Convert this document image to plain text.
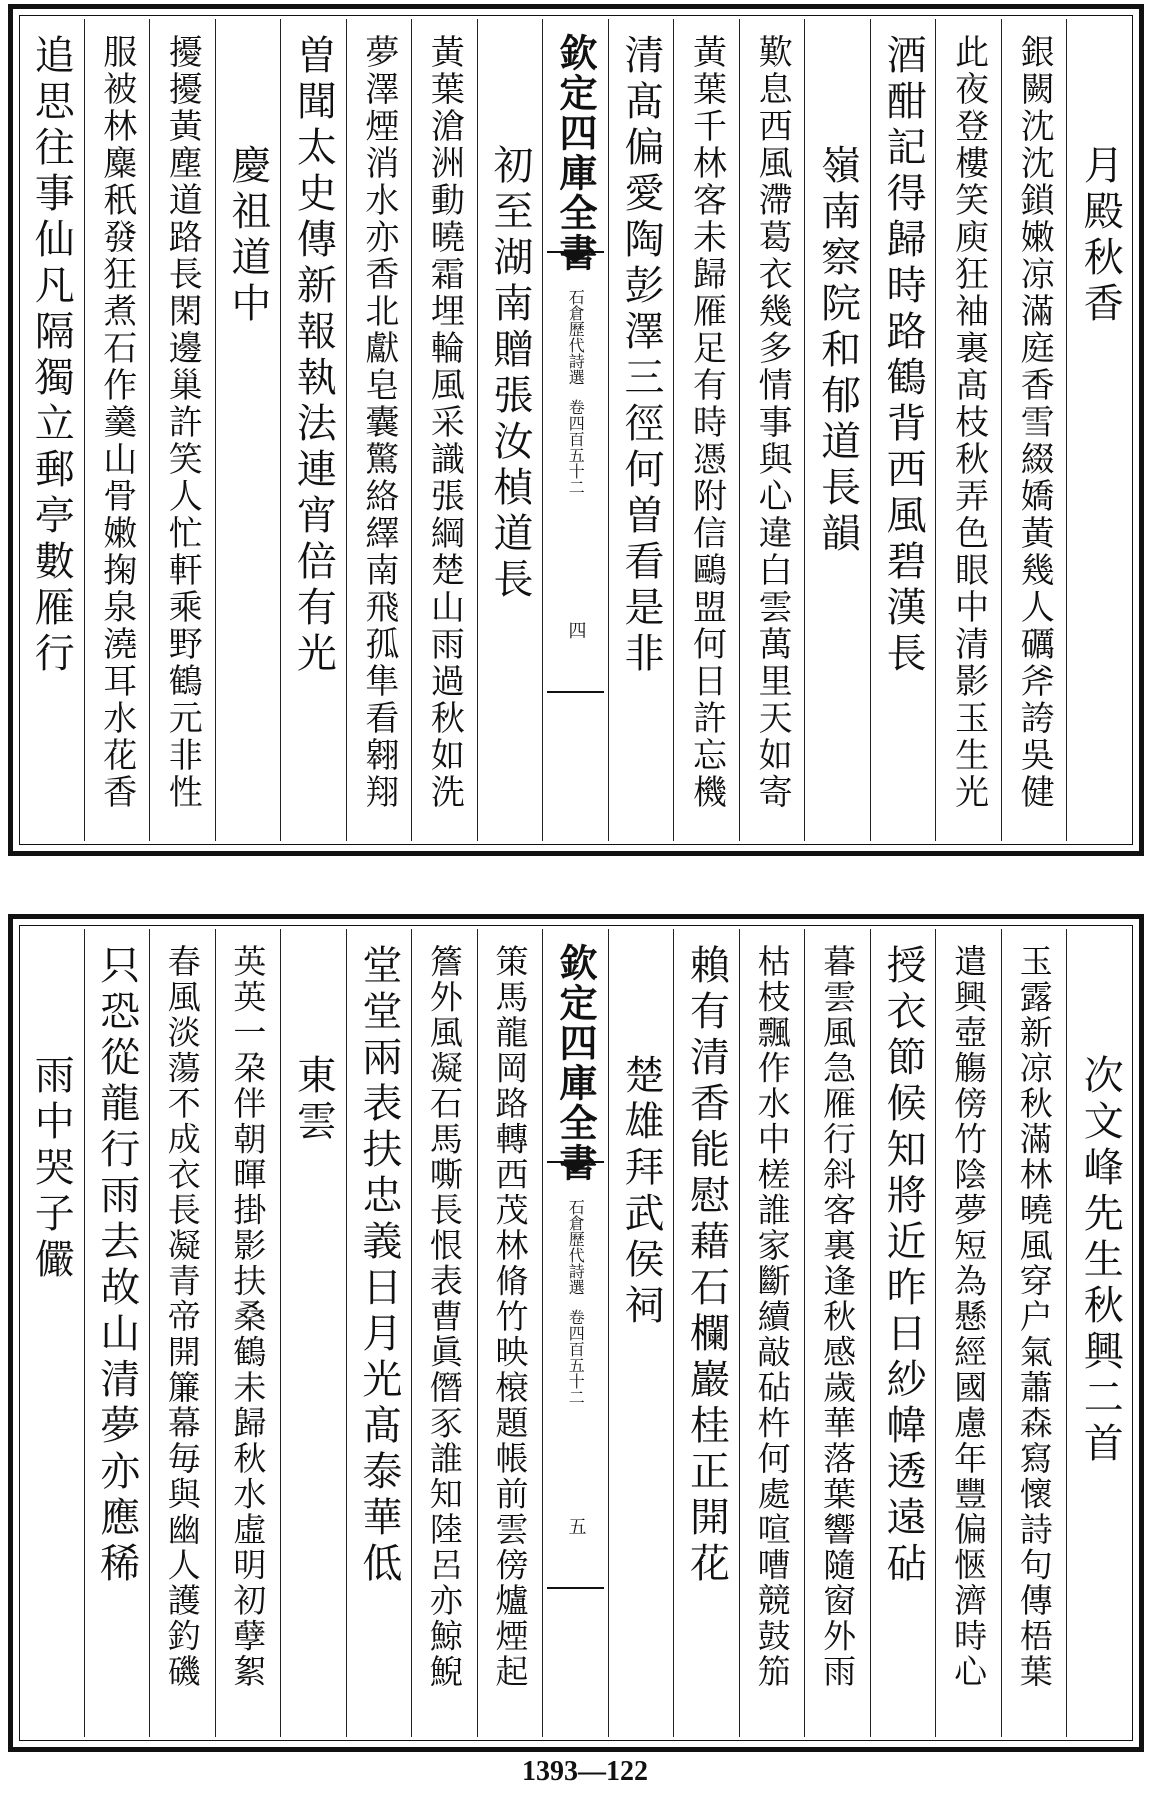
月殿秋香
銀闕沈沈鎖嫩凉滿庭香雪綴嬌黃幾人礪斧誇吳健
此夜登樓笑庾狂袖裏髙枝秋弄色眼中清影玉生光
酒酣記得歸時路鶴背西風碧漢長
嶺南察院和郁道長韻
歎息西風滯葛衣幾多情事與心違白雲萬里天如寄
黃葉千林客未歸雁足有時憑附信鷗盟何日許忘機
清髙偏愛陶彭澤三徑何曽看是非
欽定四庫全書
石倉歷代詩選
卷四百五十二
四
初至湖南贈張汝楨道長
黃葉滄洲動曉霜埋輪風采識張綱楚山雨過秋如洗
夢澤煙消水亦香北獻皂囊驚絡繹南飛孤隼看翱翔
曽聞太史傳新報執法連宵倍有光
慶祖道中
擾擾黃塵道路長閑邊巢許笑人忙軒乘野鶴元非性
服被林麋秖發狂煮石作羹山骨嫩掬泉澆耳水花香
追思往事仙凡隔獨立郵亭數雁行
次文峰先生秋興二首
玉露新凉秋滿林曉風穿户氣蕭森寫懷詩句傳梧葉
遣興壺觴傍竹陰夢短為懸經國慮年豐偏愜濟時心
授衣節候知將近昨日紗幃透遠砧
暮雲風急雁行斜客裏逢秋感歲華落葉響隨窗外雨
枯枝飄作水中槎誰家斷續敲砧杵何處喧嘈競鼓笳
賴有清香能慰藉石欄巖桂正開花
楚雄拜武侯祠
欽定四庫全書
石倉歷代詩選
卷四百五十二
五
策馬龍岡路轉西茂林脩竹映榱題帳前雲傍爐煙起
簷外風凝石馬嘶長恨表曹眞僭豕誰知陸呂亦鯨鯢
堂堂兩表扶忠義日月光髙泰華低
東雲
英英一朶伴朝暉掛影扶桑鶴未歸秋水虛明初孽絮
春風淡蕩不成衣長凝青帝開簾幕毎與幽人護釣磯
只恐從龍行雨去故山清夢亦應稀
雨中哭子儼
1393—122
